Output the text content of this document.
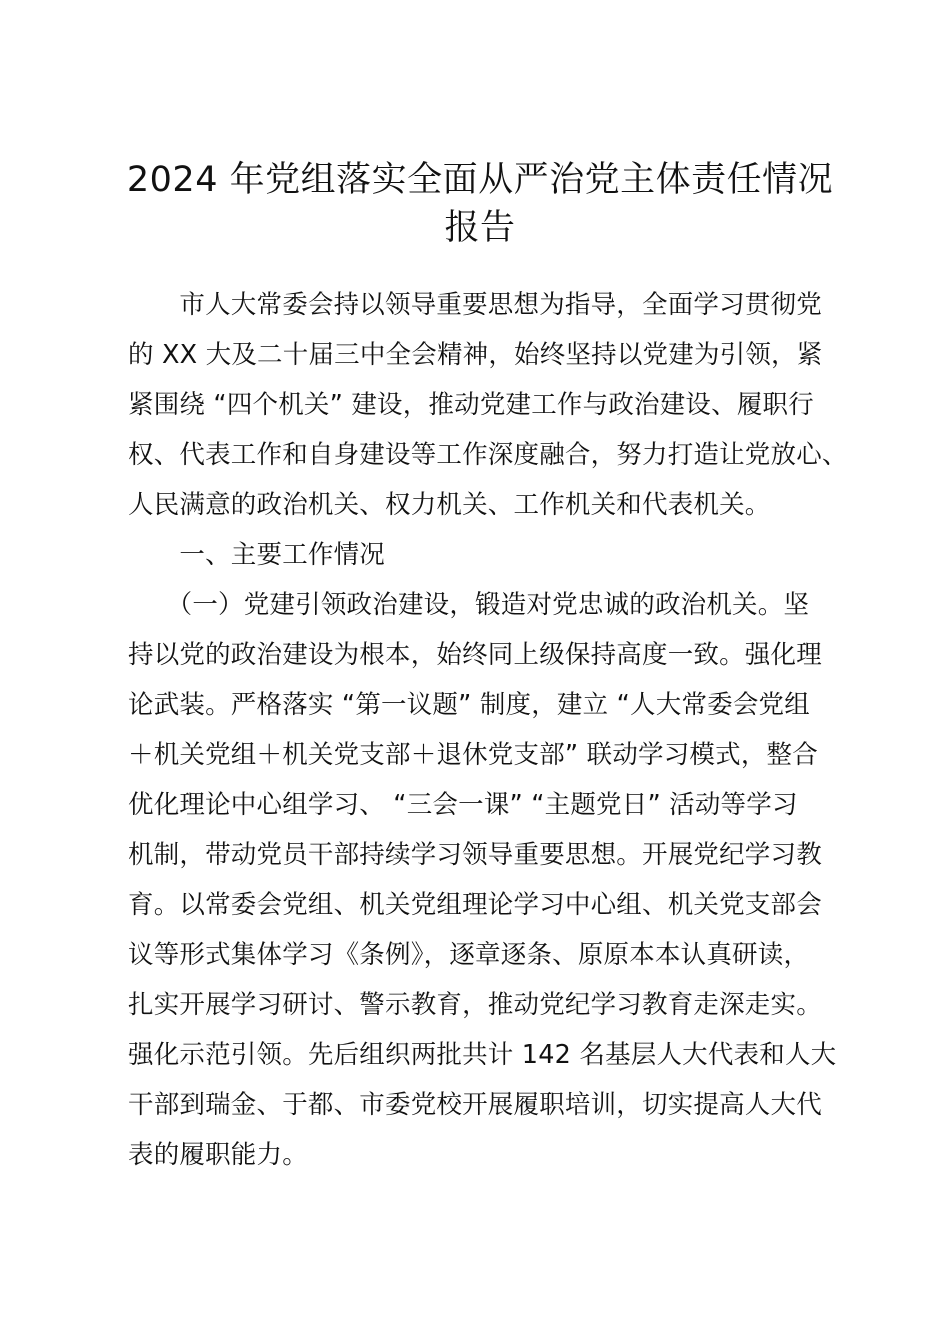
2024 年党组落实全面从严治党主体责任情况
报告
　　市人大常委会持以领导重要思想为指导，全面学习贯彻党
的 XX 大及二十届三中全会精神，始终坚持以党建为引领，紧
紧围绕 “四个机关” 建设，推动党建工作与政治建设、履职行
权、代表工作和自身建设等工作深度融合，努力打造让党放心、
人民满意的政治机关、权力机关、工作机关和代表机关。
　　一、主要工作情况
　　（一）党建引领政治建设，锻造对党忠诚的政治机关。坚
持以党的政治建设为根本，始终同上级保持高度一致。强化理
论武装。严格落实 “第一议题” 制度，建立 “人大常委会党组
＋机关党组＋机关党支部＋退休党支部” 联动学习模式，整合
优化理论中心组学习、 “三会一课” “主题党日” 活动等学习
机制，带动党员干部持续学习领导重要思想。开展党纪学习教
育。以常委会党组、机关党组理论学习中心组、机关党支部会
议等形式集体学习《条例》，逐章逐条、原原本本认真研读，
扎实开展学习研讨、警示教育，推动党纪学习教育走深走实。
强化示范引领。先后组织两批共计 142 名基层人大代表和人大
干部到瑞金、于都、市委党校开展履职培训，切实提高人大代
表的履职能力。
